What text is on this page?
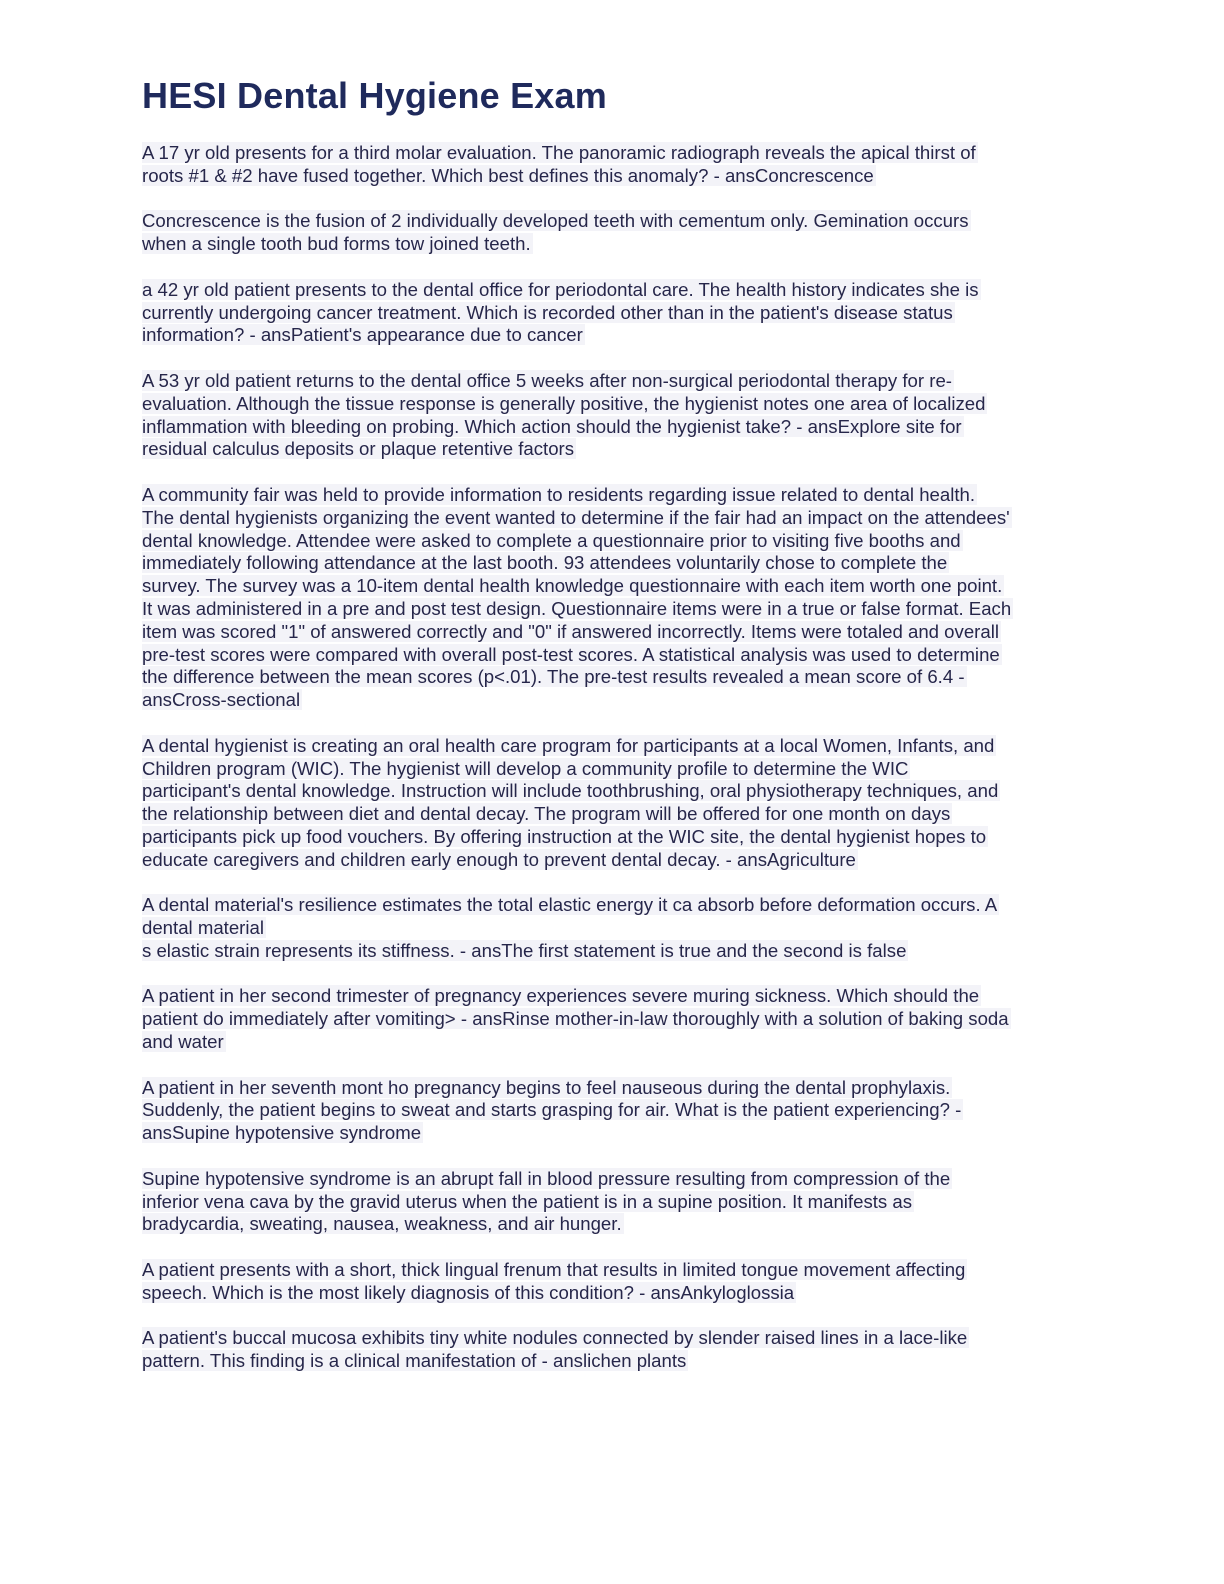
HESI Dental Hygiene Exam

A 17 yr old presents for a third molar evaluation. The panoramic radiograph reveals the apical thirst of
roots #1 & #2 have fused together. Which best defines this anomaly? - ansConcrescence

Concrescence is the fusion of 2 individually developed teeth with cementum only. Gemination occurs
when a single tooth bud forms tow joined teeth.

a 42 yr old patient presents to the dental office for periodontal care. The health history indicates she is
currently undergoing cancer treatment. Which is recorded other than in the patient's disease status
information? - ansPatient's appearance due to cancer

A 53 yr old patient returns to the dental office 5 weeks after non-surgical periodontal therapy for re-
evaluation. Although the tissue response is generally positive, the hygienist notes one area of localized
inflammation with bleeding on probing. Which action should the hygienist take? - ansExplore site for
residual calculus deposits or plaque retentive factors

A community fair was held to provide information to residents regarding issue related to dental health.
The dental hygienists organizing the event wanted to determine if the fair had an impact on the attendees'
dental knowledge. Attendee were asked to complete a questionnaire prior to visiting five booths and
immediately following attendance at the last booth. 93 attendees voluntarily chose to complete the
survey. The survey was a 10-item dental health knowledge questionnaire with each item worth one point.
It was administered in a pre and post test design. Questionnaire items were in a true or false format. Each
item was scored "1" of answered correctly and "0" if answered incorrectly. Items were totaled and overall
pre-test scores were compared with overall post-test scores. A statistical analysis was used to determine
the difference between the mean scores (p<.01). The pre-test results revealed a mean score of 6.4 -
ansCross-sectional

A dental hygienist is creating an oral health care program for participants at a local Women, Infants, and
Children program (WIC). The hygienist will develop a community profile to determine the WIC
participant's dental knowledge. Instruction will include toothbrushing, oral physiotherapy techniques, and
the relationship between diet and dental decay. The program will be offered for one month on days
participants pick up food vouchers. By offering instruction at the WIC site, the dental hygienist hopes to
educate caregivers and children early enough to prevent dental decay. - ansAgriculture

A dental material's resilience estimates the total elastic energy it ca absorb before deformation occurs. A
dental material
s elastic strain represents its stiffness. - ansThe first statement is true and the second is false

A patient in her second trimester of pregnancy experiences severe muring sickness. Which should the
patient do immediately after vomiting> - ansRinse mother-in-law thoroughly with a solution of baking soda
and water

A patient in her seventh mont ho pregnancy begins to feel nauseous during the dental prophylaxis.
Suddenly, the patient begins to sweat and starts grasping for air. What is the patient experiencing? -
ansSupine hypotensive syndrome

Supine hypotensive syndrome is an abrupt fall in blood pressure resulting from compression of the
inferior vena cava by the gravid uterus when the patient is in a supine position. It manifests as
bradycardia, sweating, nausea, weakness, and air hunger.

A patient presents with a short, thick lingual frenum that results in limited tongue movement affecting
speech. Which is the most likely diagnosis of this condition? - ansAnkyloglossia

A patient's buccal mucosa exhibits tiny white nodules connected by slender raised lines in a lace-like
pattern. This finding is a clinical manifestation of - anslichen plants
